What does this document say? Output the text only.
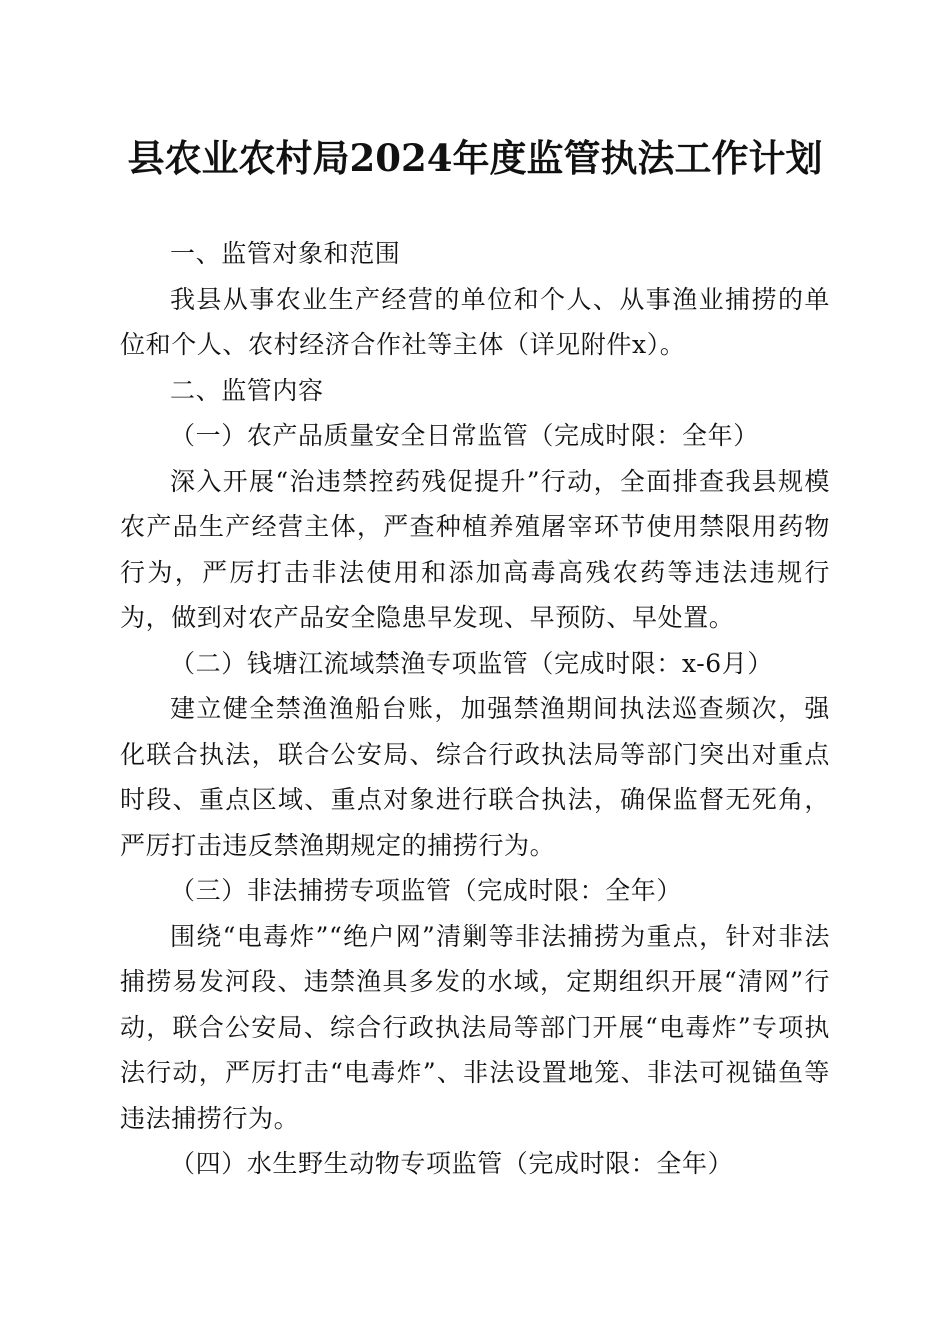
县农业农村局2024年度监管执法工作计划
一、监管对象和范围

我县从事农业生产经营的单位和个人、从事渔业捕捞的单位和个人、农村经济合作社等主体（详见附件x）。

二、监管内容
（一）农产品质量安全日常监管（完成时限：全年）

深入开展“治违禁控药残促提升”行动，全面排查我县规模农产品生产经营主体，严查种植养殖屠宰环节使用禁限用药物行为，严厉打击非法使用和添加高毒高残农药等违法违规行为，做到对农产品安全隐患早发现、早预防、早处置。

（二）钱塘江流域禁渔专项监管（完成时限：x-6月）

建立健全禁渔渔船台账，加强禁渔期间执法巡查频次，强化联合执法，联合公安局、综合行政执法局等部门突出对重点时段、重点区域、重点对象进行联合执法，确保监督无死角，严厉打击违反禁渔期规定的捕捞行为。

（三）非法捕捞专项监管（完成时限：全年）

围绕“电毒炸”“绝户网”清剿等非法捕捞为重点，针对非法捕捞易发河段、违禁渔具多发的水域，定期组织开展“清网”行动，联合公安局、综合行政执法局等部门开展“电毒炸”专项执法行动，严厉打击“电毒炸”、非法设置地笼、非法可视锚鱼等违法捕捞行为。

（四）水生野生动物专项监管（完成时限：全年）
